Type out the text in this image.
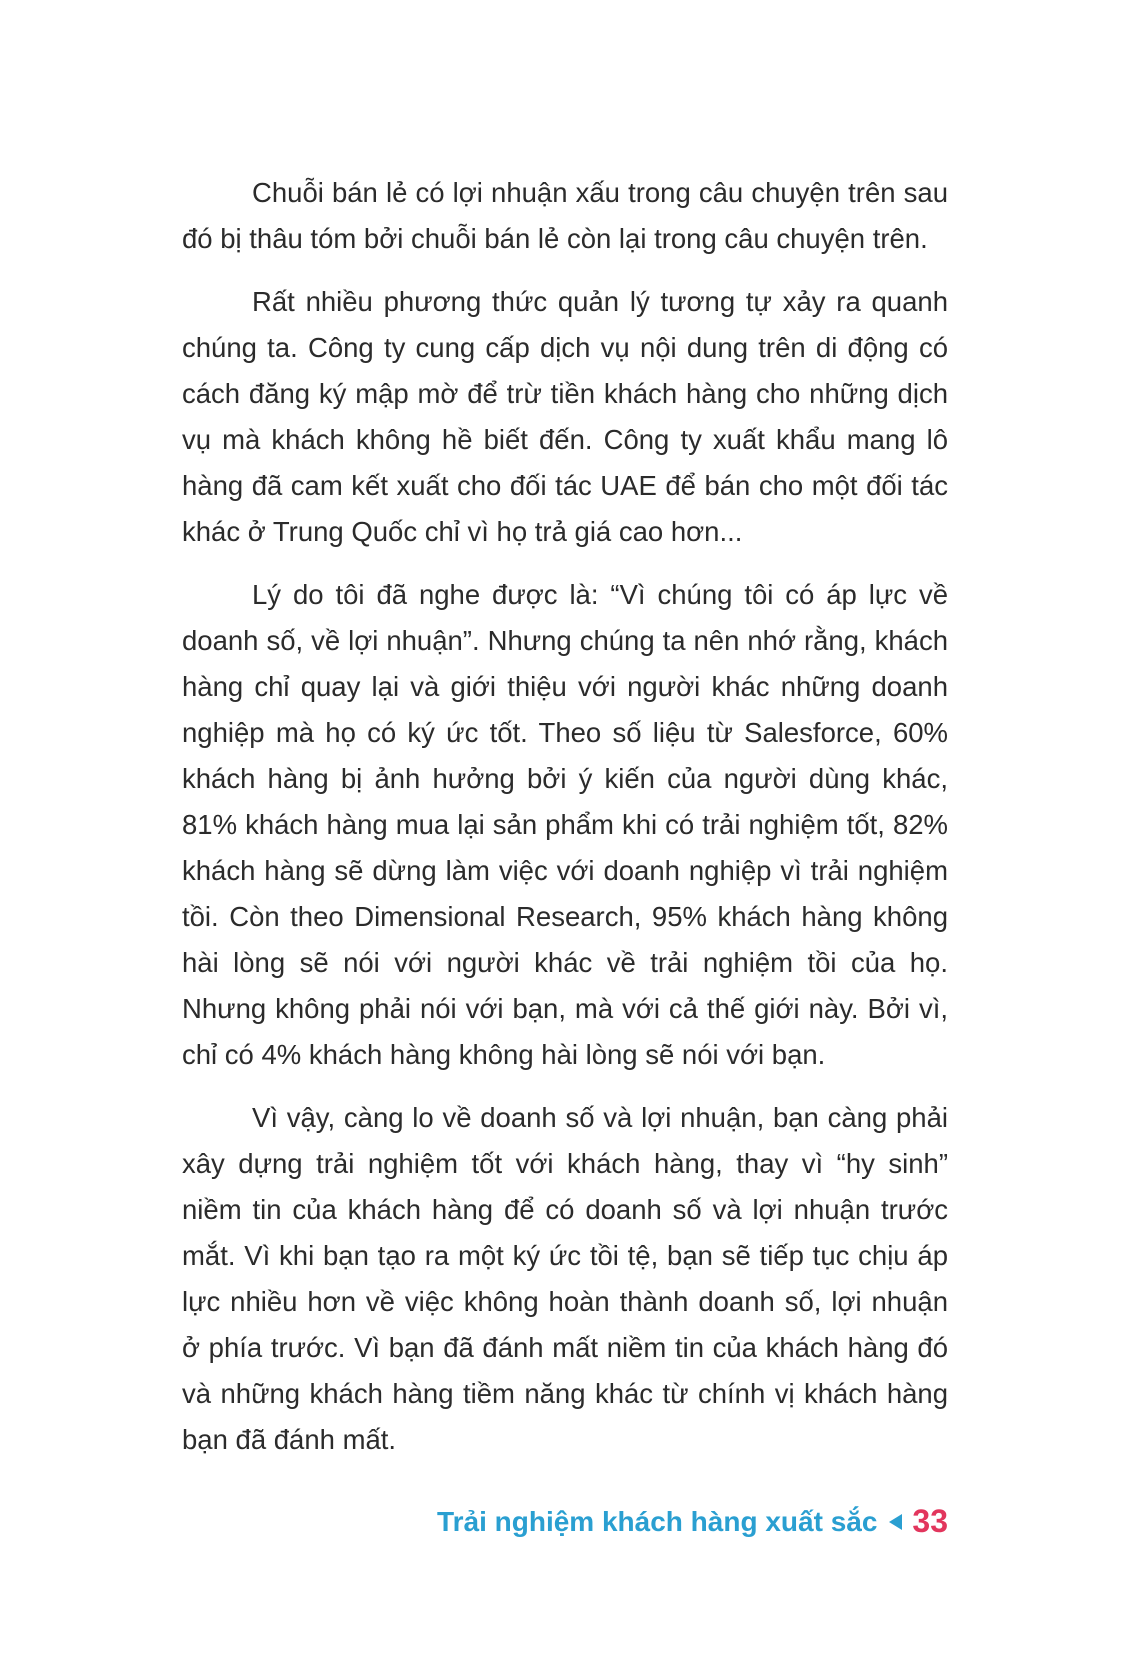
Chuỗi bán lẻ có lợi nhuận xấu trong câu chuyện trên sau đó bị thâu tóm bởi chuỗi bán lẻ còn lại trong câu chuyện trên.

Rất nhiều phương thức quản lý tương tự xảy ra quanh chúng ta. Công ty cung cấp dịch vụ nội dung trên di động có cách đăng ký mập mờ để trừ tiền khách hàng cho những dịch vụ mà khách không hề biết đến. Công ty xuất khẩu mang lô hàng đã cam kết xuất cho đối tác UAE để bán cho một đối tác khác ở Trung Quốc chỉ vì họ trả giá cao hơn...

Lý do tôi đã nghe được là: “Vì chúng tôi có áp lực về doanh số, về lợi nhuận”. Nhưng chúng ta nên nhớ rằng, khách hàng chỉ quay lại và giới thiệu với người khác những doanh nghiệp mà họ có ký ức tốt. Theo số liệu từ Salesforce, 60% khách hàng bị ảnh hưởng bởi ý kiến của người dùng khác, 81% khách hàng mua lại sản phẩm khi có trải nghiệm tốt, 82% khách hàng sẽ dừng làm việc với doanh nghiệp vì trải nghiệm tồi. Còn theo Dimensional Research, 95% khách hàng không hài lòng sẽ nói với người khác về trải nghiệm tồi của họ. Nhưng không phải nói với bạn, mà với cả thế giới này. Bởi vì, chỉ có 4% khách hàng không hài lòng sẽ nói với bạn.

Vì vậy, càng lo về doanh số và lợi nhuận, bạn càng phải xây dựng trải nghiệm tốt với khách hàng, thay vì “hy sinh” niềm tin của khách hàng để có doanh số và lợi nhuận trước mắt. Vì khi bạn tạo ra một ký ức tồi tệ, bạn sẽ tiếp tục chịu áp lực nhiều hơn về việc không hoàn thành doanh số, lợi nhuận ở phía trước. Vì bạn đã đánh mất niềm tin của khách hàng đó và những khách hàng tiềm năng khác từ chính vị khách hàng bạn đã đánh mất.

Trải nghiệm khách hàng xuất sắc 33
